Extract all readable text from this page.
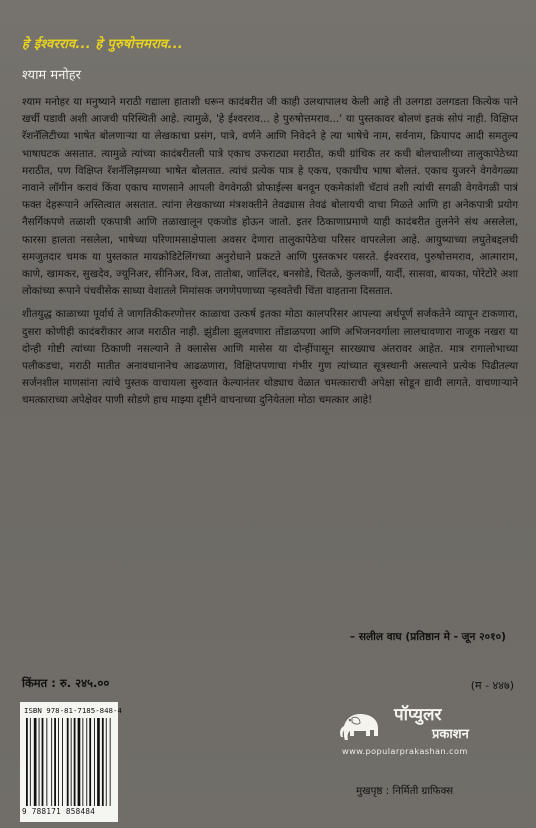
हे ईश्वरराव... हे पुरुषोत्तमराव...
श्याम मनोहर

श्याम मनोहर या मनुष्याने मराठी गद्याला हाताशी धरून कादंबरीत जी काही उलथापालथ केली आहे ती उलगडा उलगडता कित्येक पाने खर्ची पडावी अशी आजची परिस्थिती आहे. त्यामुळे, 'हे ईश्वरराव... हे पुरुषोत्तमराव...' या पुस्तकावर बोलणं इतकं सोपं नाही. विक्षिप्त रॅशनॅलिटीच्या भाषेत बोलणाऱ्या या लेखकाचा प्रसंग, पात्रे, वर्णने आणि निवेदने हे त्या भाषेचे नाम, सर्वनाम, क्रियापद आदी समतुल्य भाषाघटक असतात. त्यामुळे त्यांच्या कादंबरीतली पात्रे एकाच उफराट्या मराठीत, कधी ग्रांथिक तर कधी बोलचालीच्या तालुकापेठेच्या मराठीत, पण विक्षिप्त रॅशनॅलिझमच्या भाषेत बोलतात. त्यांचं प्रत्येक पात्र हे एकच, एकाचीच भाषा बोलतं. एकाच युजरने वेगवेगळ्या नावाने लॉगीन करावं किंवा एकाच माणसाने आपली वेगवेगळी प्रोफाईल्स बनवून एकमेकांशी चॅटावं तशी त्यांची सगळी वेगवेगळी पात्रं फक्त देहरूपाने अस्तित्वात असतात. त्यांना लेखकाच्या मंत्रशक्तीने तेवढ्यास तेवढं बोलायची वाचा मिळते आणि हा अनेकपात्री प्रयोग नैसर्गिकपणे तळाशी एकपात्री आणि तळाखालून एकजोड होऊन जातो. इतर ठिकाणाप्रमाणे याही कादंबरीत तुलनेने संथ असलेला, फारसा हालता नसलेला, भाषेच्या परिणामसाक्षेपाला अवसर देणारा तालुकापेठेचा परिसर वापरलेला आहे. आयुष्याच्या लघुतेबद्दलची समजुतदार चमक या पुस्तकात मायक्रोडिटेलिंगच्या अनुरोधाने प्रकटते आणि पुस्तकभर पसरते. ईश्वरराव, पुरुषोत्तमराव, आत्माराम, काणे, खामकर, सुखदेव, ज्यूनिअर, सीनिअर, विअ, तातोबा, जालिंदर, बनसोडे, चितळे, कुलकर्णी, यार्दी, सासवा, बायका, पोरेटोरे अशा लोकांच्या रूपाने पंचवीसेक साध्या वेशातले मिमांसक जगणेपणाच्या ऱ्हस्वतेची चिंता वाहताना दिसतात.

शीतयुद्ध काळाच्या पूर्वार्ध ते जागतिकीकरणोत्तर काळाचा उत्कर्ष इतका मोठा कालपरिसर आपल्या अर्थपूर्ण सर्जकतेने व्यापून टाकणारा, दुसरा कोणीही कादंबरीकार आज मराठीत नाही. झुंडीला झुलवणारा तोंडाळपणा आणि अभिजनवर्गाला लालचावणारा नाजूक नखरा या दोन्ही गोष्टी त्यांच्या ठिकाणी नसल्याने ते क्लासेस आणि मासेस या दोन्हींपासून सारख्याच अंतरावर आहेत. मात्र रागालोभाच्या पलीकडचा, मराठी मातीत अनावधानानेच आढळणारा, विक्षिप्तपणाचा गंभीर गुण त्यांच्यात सूत्रस्थानी असल्याने प्रत्येक पिढीतल्या सर्जनशील माणसांना त्यांचे पुस्तक वाचायला सुरुवात केल्यानंतर थोड्याच वेळात चमत्काराची अपेक्षा सोडून द्यावी लागते. वाचणाऱ्याने चमत्काराच्या अपेक्षेवर पाणी सोडणे हाच माझ्या दृष्टीने वाचनाच्या दुनियेतला मोठा चमत्कार आहे!

– सलील वाघ (प्रतिष्ठान मे - जून २०१०)
किंमत : रु. २४५.००	(म - ४४७)
ISBN 978-81-7185-848-4
9 788171 858484
पॉप्युलर
प्रकाशन
www.popularprakashan.com
मुखपृष्ठ : निर्मिती ग्राफिक्स
